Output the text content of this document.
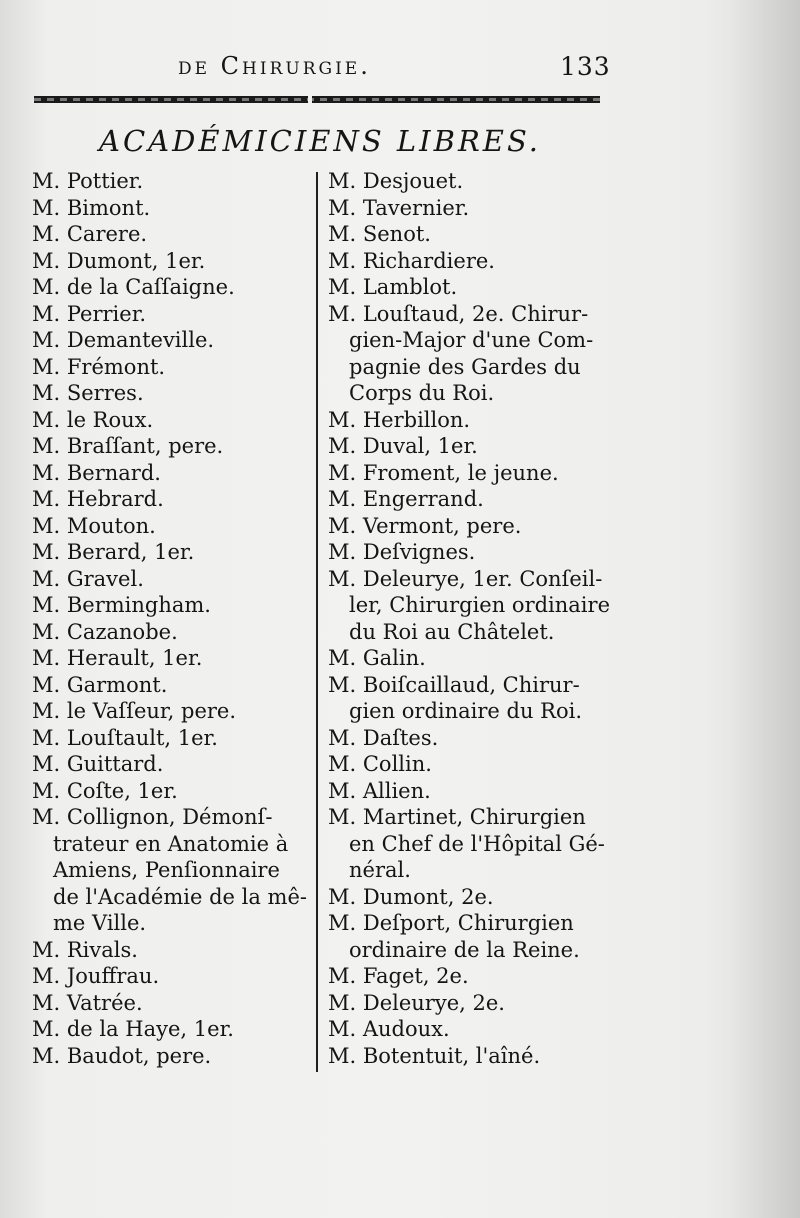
de Chirurgie.	133
ACADÉMICIENS LIBRES.
M. Pottier.
M. Bimont.
M. Carere.
M. Dumont, 1er.
M. de la Caſſaigne.
M. Perrier.
M. Demanteville.
M. Frémont.
M. Serres.
M. le Roux.
M. Braſſant, pere.
M. Bernard.
M. Hebrard.
M. Mouton.
M. Berard, 1er.
M. Gravel.
M. Bermingham.
M. Cazanobe.
M. Herault, 1er.
M. Garmont.
M. le Vaſſeur, pere.
M. Louſtault, 1er.
M. Guittard.
M. Coſte, 1er.
M. Collignon, Démonſ-
trateur en Anatomie à
Amiens, Penſionnaire
de l'Académie de la mê-
me Ville.
M. Rivals.
M. Jouffrau.
M. Vatrée.
M. de la Haye, 1er.
M. Baudot, pere.
M. Desjouet.
M. Tavernier.
M. Senot.
M. Richardiere.
M. Lamblot.
M. Louſtaud, 2e. Chirur-
gien-Major d'une Com-
pagnie des Gardes du
Corps du Roi.
M. Herbillon.
M. Duval, 1er.
M. Froment, le jeune.
M. Engerrand.
M. Vermont, pere.
M. Deſvignes.
M. Deleurye, 1er. Conſeil-
ler, Chirurgien ordinaire
du Roi au Châtelet.
M. Galin.
M. Boiſcaillaud, Chirur-
gien ordinaire du Roi.
M. Daſtes.
M. Collin.
M. Allien.
M. Martinet, Chirurgien
en Chef de l'Hôpital Gé-
néral.
M. Dumont, 2e.
M. Deſport, Chirurgien
ordinaire de la Reine.
M. Faget, 2e.
M. Deleurye, 2e.
M. Audoux.
M. Botentuit, l'aîné.
